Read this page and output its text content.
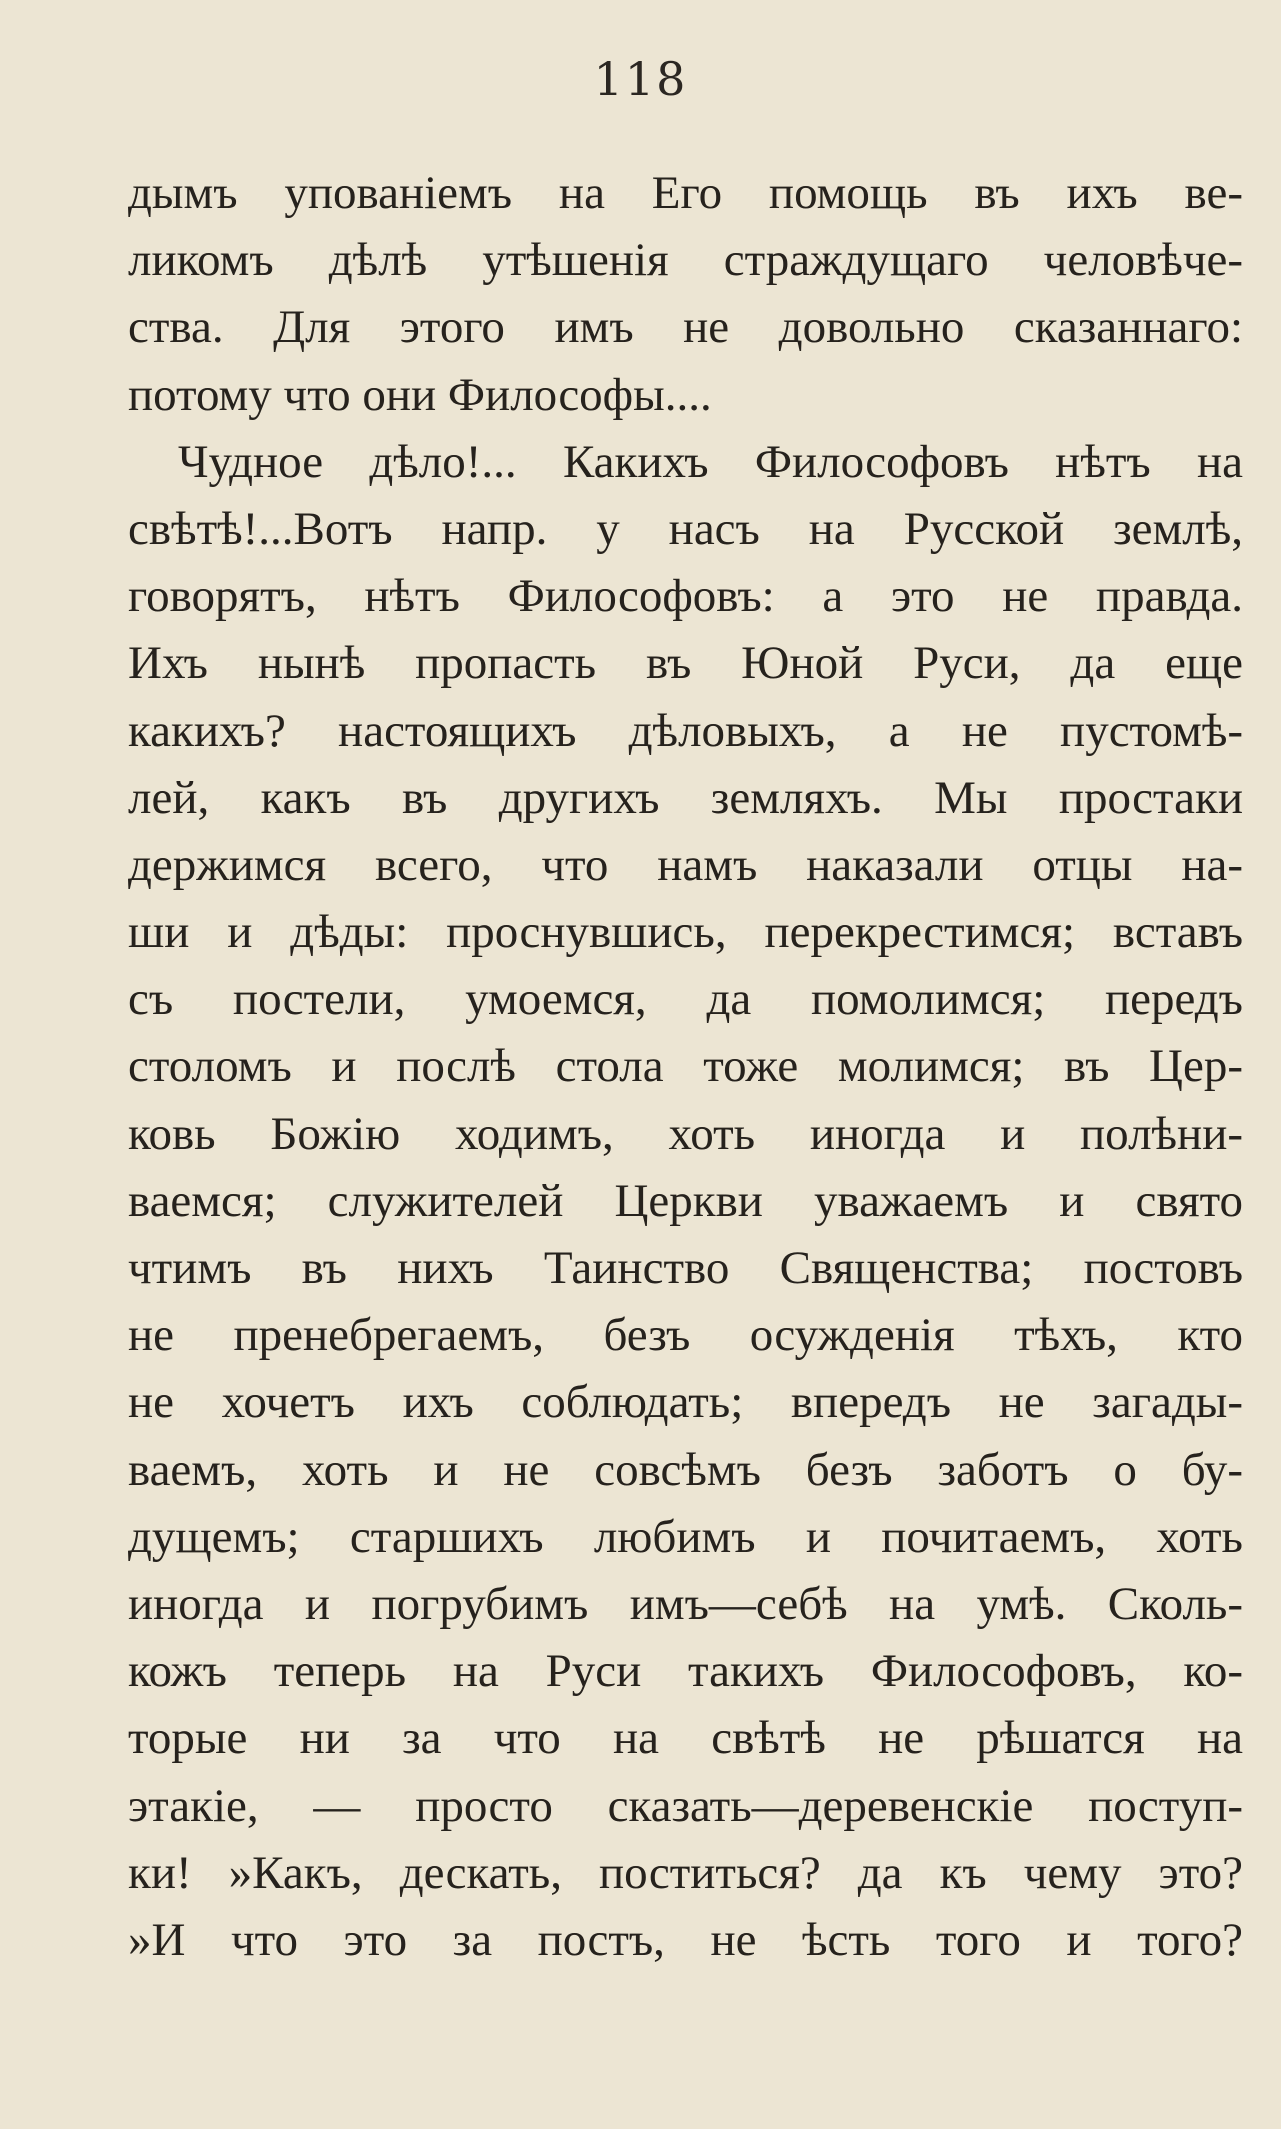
118
дымъ упованіемъ на Его помощь въ ихъ ве-
ликомъ дѣлѣ утѣшенія страждущаго человѣче-
ства. Для этого имъ не довольно сказаннаго:
потому что они Философы....
Чудное дѣло!... Какихъ Философовъ нѣтъ на
свѣтѣ!...Вотъ напр. у насъ на Русской землѣ,
говорятъ, нѣтъ Философовъ: а это не правда.
Ихъ нынѣ пропасть въ Юной Руси, да еще
какихъ? настоящихъ дѣловыхъ, а не пустомѣ-
лей, какъ въ другихъ земляхъ. Мы простаки
держимся всего, что намъ наказали отцы на-
ши и дѣды: проснувшись, перекрестимся; вставъ
съ постели, умоемся, да помолимся; передъ
столомъ и послѣ стола тоже молимся; въ Цер-
ковь Божію ходимъ, хоть иногда и полѣни-
ваемся; служителей Церкви уважаемъ и свято
чтимъ въ нихъ Таинство Священства; постовъ
не пренебрегаемъ, безъ осужденія тѣхъ, кто
не хочетъ ихъ соблюдать; впередъ не загады-
ваемъ, хоть и не совсѣмъ безъ заботъ о бу-
дущемъ; старшихъ любимъ и почитаемъ, хоть
иногда и погрубимъ имъ—себѣ на умѣ. Сколь-
кожъ теперь на Руси такихъ Философовъ, ко-
торые ни за что на свѣтѣ не рѣшатся на
этакіе, — просто сказать—деревенскіе поступ-
ки! »Какъ, дескать, поститься? да къ чему это?
»И что это за постъ, не ѣсть того и того?
